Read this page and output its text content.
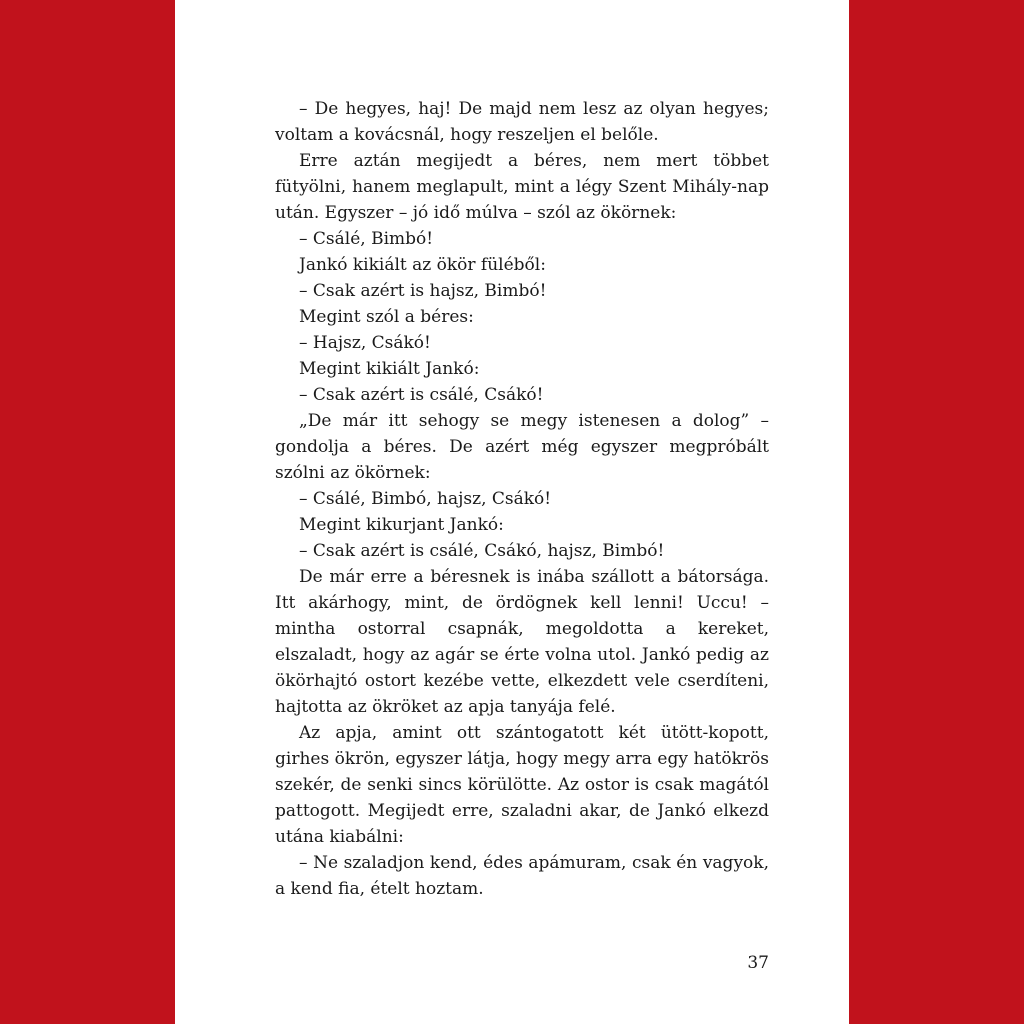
– De hegyes, haj! De majd nem lesz az olyan hegyes; voltam a kovácsnál, hogy reszeljen el belőle.

Erre aztán megijedt a béres, nem mert többet fütyölni, hanem meglapult, mint a légy Szent Mihály-nap után. Egyszer – jó idő múlva – szól az ökörnek:

– Csálé, Bimbó!

Jankó kikiált az ökör füléből:

– Csak azért is hajsz, Bimbó!

Megint szól a béres:

– Hajsz, Csákó!

Megint kikiált Jankó:

– Csak azért is csálé, Csákó!

„De már itt sehogy se megy istenesen a dolog” – gondolja a béres. De azért még egyszer megpróbált szólni az ökörnek:

– Csálé, Bimbó, hajsz, Csákó!

Megint kikurjant Jankó:

– Csak azért is csálé, Csákó, hajsz, Bimbó!

De már erre a béresnek is inába szállott a bátorsága. Itt akárhogy, mint, de ördögnek kell lenni! Uccu! – mintha ostorral csapnák, megoldotta a kereket, elszaladt, hogy az agár se érte volna utol. Jankó pedig az ökörhajtó ostort kezébe vette, elkezdett vele cserdíteni, hajtotta az ökröket az apja tanyája felé.

Az apja, amint ott szántogatott két ütött-kopott, girhes ökrön, egyszer látja, hogy megy arra egy hatökrös szekér, de senki sincs körülötte. Az ostor is csak magától pattogott. Megijedt erre, szaladni akar, de Jankó elkezd utána kiabálni:

– Ne szaladjon kend, édes apámuram, csak én vagyok, a kend fia, ételt hoztam.

37
